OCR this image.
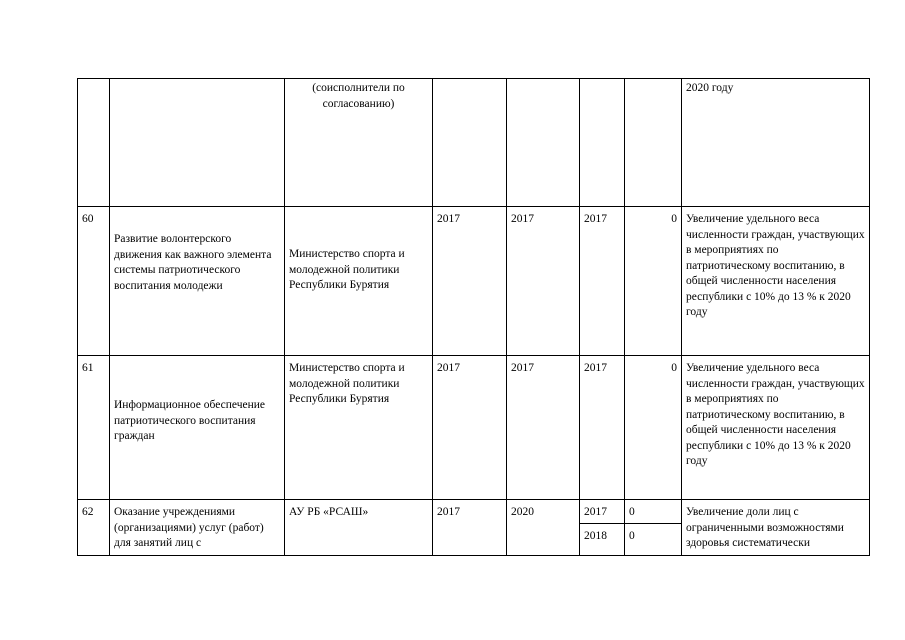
		(соисполнители по согласованию)					2020 году

60	Развитие волонтерского движения как важного элемента системы патриотического воспитания молодежи	Министерство спорта и молодежной политики Республики Бурятия	2017	2017	2017	0	Увеличение удельного веса численности граждан, участвующих в мероприятиях по патриотическому воспитанию, в общей численности населения республики с 10% до 13 % к 2020 году

61	Информационное обеспечение патриотического воспитания граждан	Министерство спорта и молодежной политики Республики Бурятия	2017	2017	2017	0	Увеличение удельного веса численности граждан, участвующих в мероприятиях по патриотическому воспитанию, в общей численности населения республики с 10% до 13 % к 2020 году

62	Оказание учреждениями (организациями) услуг (работ) для занятий лиц с	АУ РБ «РСАШ»	2017	2020	2017	0	Увеличение доли лиц с ограниченными возможностями здоровья систематически

					2018	0	
